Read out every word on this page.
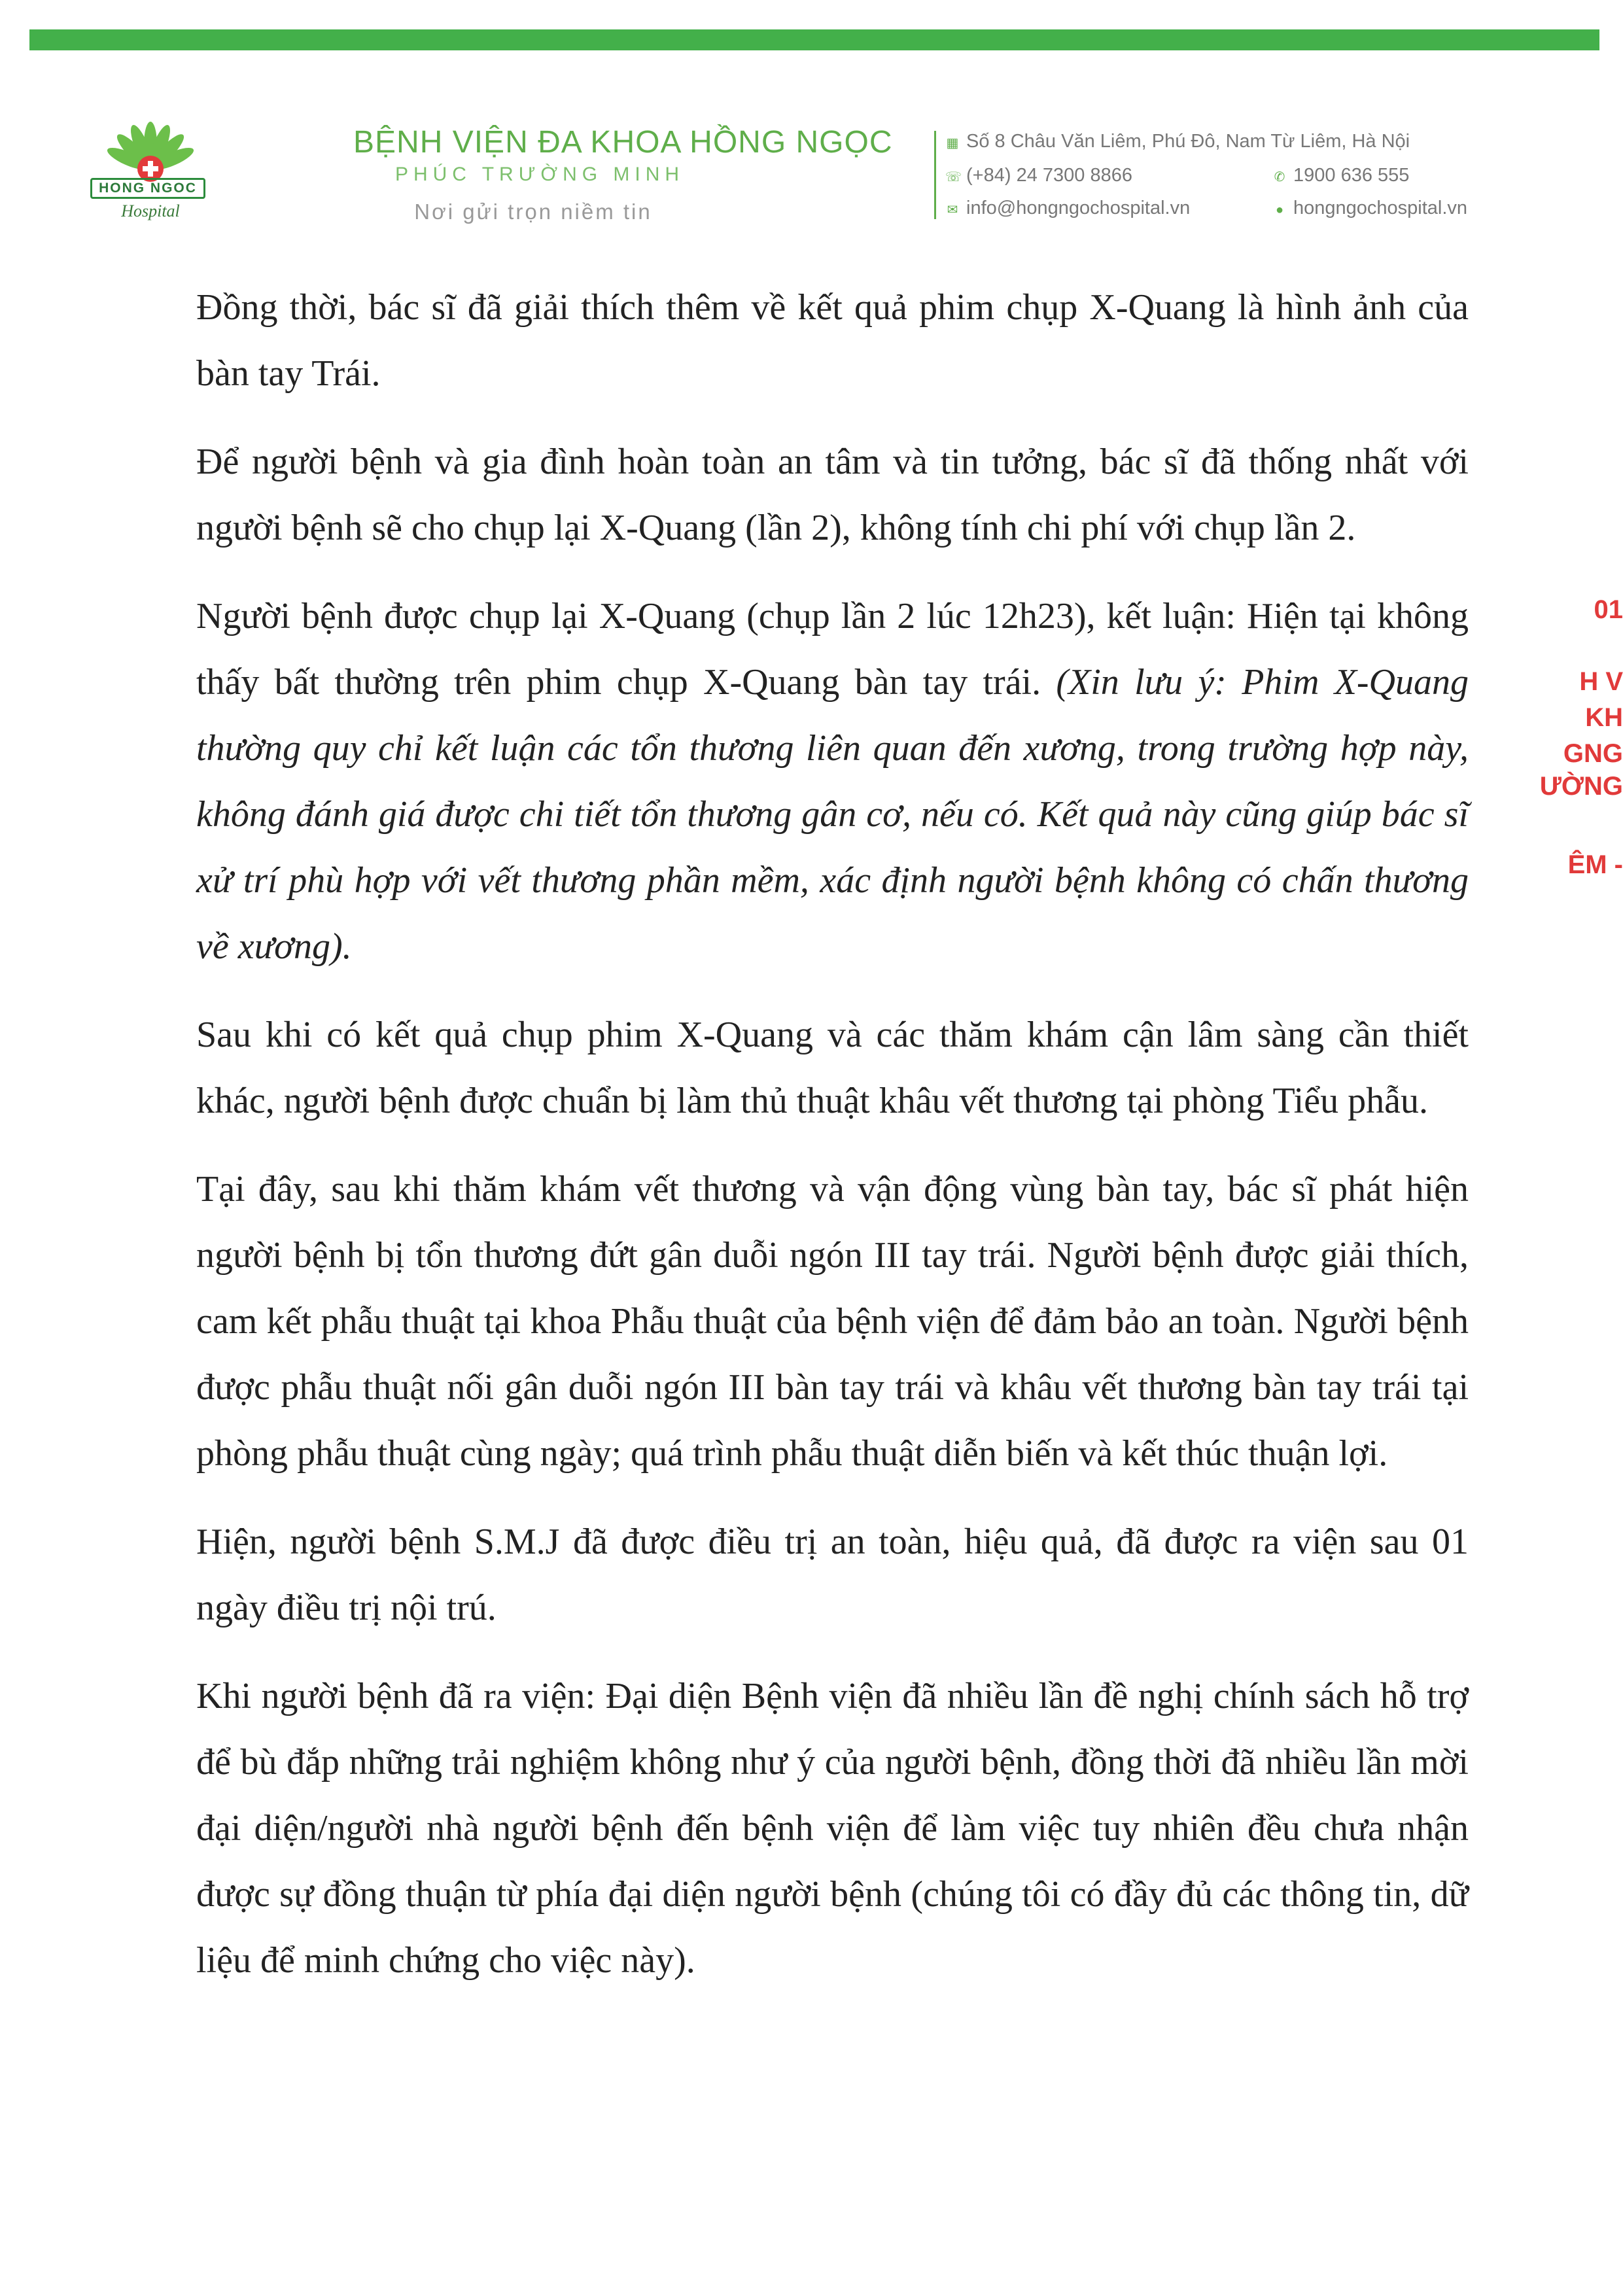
HONG NGOC
Hospital
BỆNH VIỆN ĐA KHOA HỒNG NGỌC
PHÚC TRƯỜNG MINH
Nơi gửi trọn niềm tin
▦ Số 8 Châu Văn Liêm, Phú Đô, Nam Từ Liêm, Hà Nội
☏ (+84) 24 7300 8866	✆ 1900 636 555
✉ info@hongngochospital.vn	● hongngochospital.vn

Đồng thời, bác sĩ đã giải thích thêm về kết quả phim chụp X-Quang là hình ảnh của bàn tay Trái.

Để người bệnh và gia đình hoàn toàn an tâm và tin tưởng, bác sĩ đã thống nhất với người bệnh sẽ cho chụp lại X-Quang (lần 2), không tính chi phí với chụp lần 2.

Người bệnh được chụp lại X-Quang (chụp lần 2 lúc 12h23), kết luận: Hiện tại không thấy bất thường trên phim chụp X-Quang bàn tay trái. (Xin lưu ý: Phim X-Quang thường quy chỉ kết luận các tổn thương liên quan đến xương, trong trường hợp này, không đánh giá được chi tiết tổn thương gân cơ, nếu có. Kết quả này cũng giúp bác sĩ xử trí phù hợp với vết thương phần mềm, xác định người bệnh không có chấn thương về xương).

Sau khi có kết quả chụp phim X-Quang và các thăm khám cận lâm sàng cần thiết khác, người bệnh được chuẩn bị làm thủ thuật khâu vết thương tại phòng Tiểu phẫu.

Tại đây, sau khi thăm khám vết thương và vận động vùng bàn tay, bác sĩ phát hiện người bệnh bị tổn thương đứt gân duỗi ngón III tay trái. Người bệnh được giải thích, cam kết phẫu thuật tại khoa Phẫu thuật của bệnh viện để đảm bảo an toàn. Người bệnh được phẫu thuật nối gân duỗi ngón III bàn tay trái và khâu vết thương bàn tay trái tại phòng phẫu thuật cùng ngày; quá trình phẫu thuật diễn biến và kết thúc thuận lợi.

Hiện, người bệnh S.M.J đã được điều trị an toàn, hiệu quả, đã được ra viện sau 01 ngày điều trị nội trú.

Khi người bệnh đã ra viện: Đại diện Bệnh viện đã nhiều lần đề nghị chính sách hỗ trợ để bù đắp những trải nghiệm không như ý của người bệnh, đồng thời đã nhiều lần mời đại diện/người nhà người bệnh đến bệnh viện để làm việc tuy nhiên đều chưa nhận được sự đồng thuận từ phía đại diện người bệnh (chúng tôi có đầy đủ các thông tin, dữ liệu để minh chứng cho việc này).

01
H V
KH
GNG
ƯỜNG
ÊM -
